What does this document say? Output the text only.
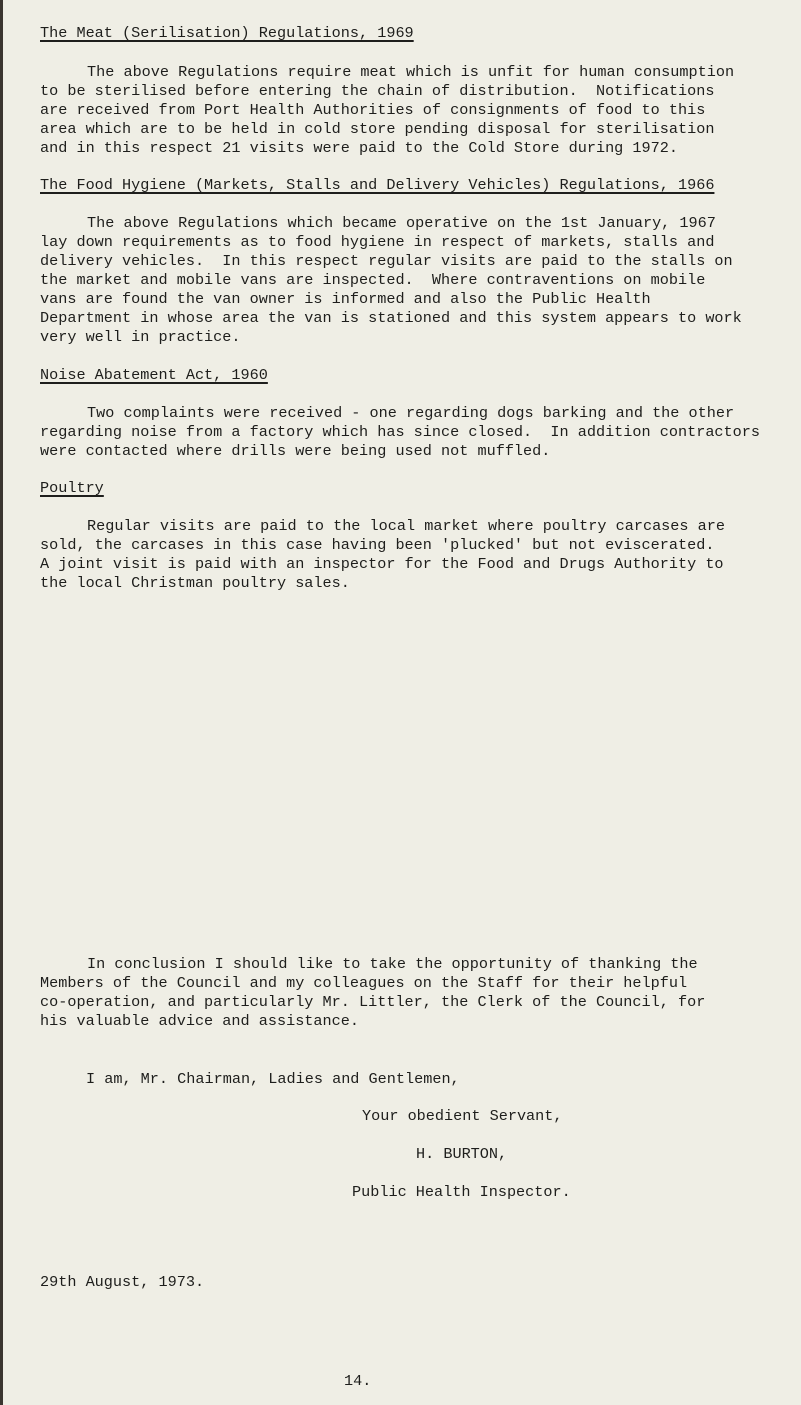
The Meat (Serilisation) Regulations, 1969
The above Regulations require meat which is unfit for human consumption
to be sterilised before entering the chain of distribution.  Notifications
are received from Port Health Authorities of consignments of food to this
area which are to be held in cold store pending disposal for sterilisation
and in this respect 21 visits were paid to the Cold Store during 1972.
The Food Hygiene (Markets, Stalls and Delivery Vehicles) Regulations, 1966
The above Regulations which became operative on the 1st January, 1967
lay down requirements as to food hygiene in respect of markets, stalls and
delivery vehicles.  In this respect regular visits are paid to the stalls on
the market and mobile vans are inspected.  Where contraventions on mobile
vans are found the van owner is informed and also the Public Health
Department in whose area the van is stationed and this system appears to work
very well in practice.
Noise Abatement Act, 1960
Two complaints were received - one regarding dogs barking and the other
regarding noise from a factory which has since closed.  In addition contractors
were contacted where drills were being used not muffled.
Poultry
Regular visits are paid to the local market where poultry carcases are
sold, the carcases in this case having been 'plucked' but not eviscerated.
A joint visit is paid with an inspector for the Food and Drugs Authority to
the local Christman poultry sales.
In conclusion I should like to take the opportunity of thanking the
Members of the Council and my colleagues on the Staff for their helpful
co-operation, and particularly Mr. Littler, the Clerk of the Council, for
his valuable advice and assistance.
I am, Mr. Chairman, Ladies and Gentlemen,
Your obedient Servant,
H. BURTON,
Public Health Inspector.
29th August, 1973.
14.
